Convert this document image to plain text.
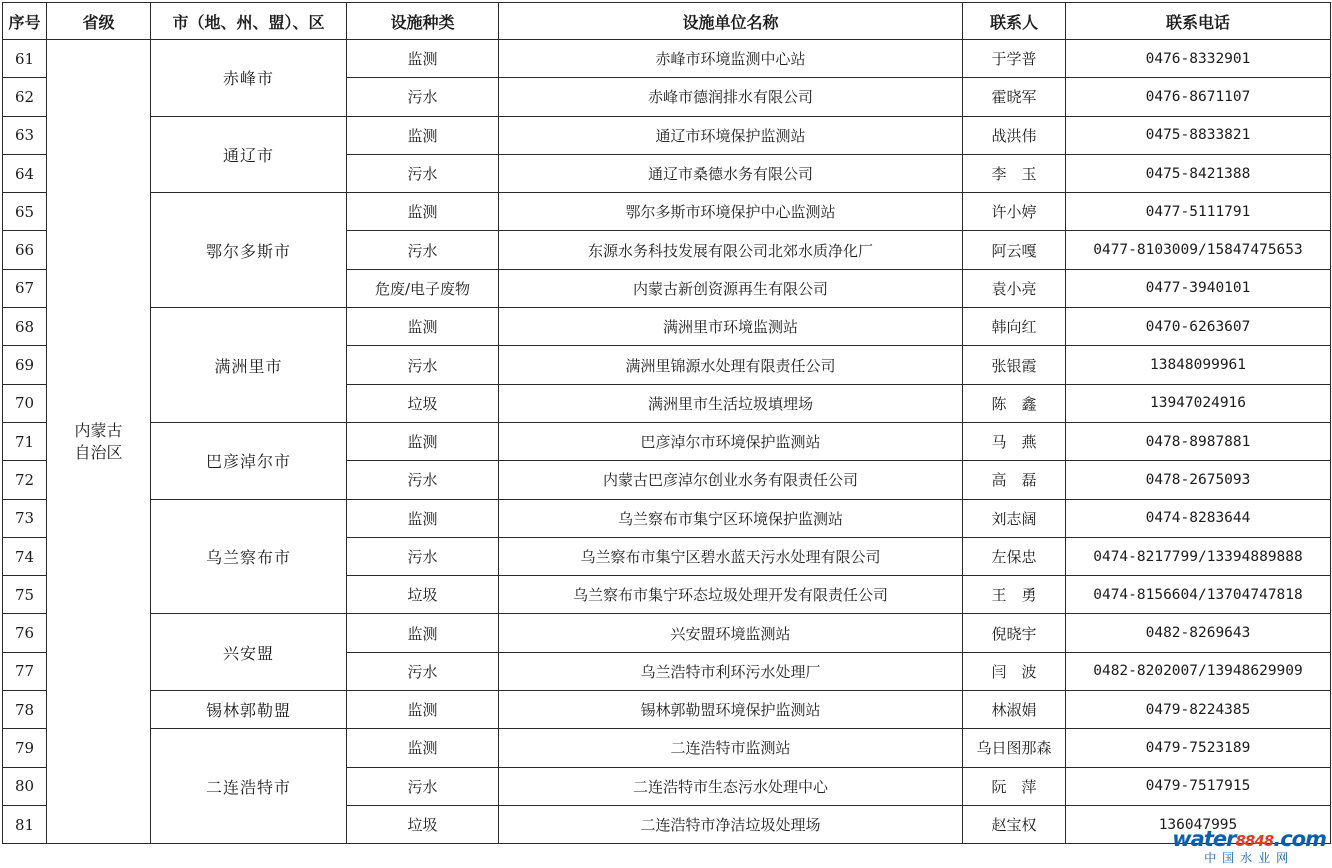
序号	省级	市（地、州、盟）、区	设施种类	设施单位名称	联系人	联系电话
61	内蒙古自治区	赤峰市	监测	赤峰市环境监测中心站	于学普	0476-8332901
62			污水	赤峰市德润排水有限公司	霍晓军	0476-8671107
63		通辽市	监测	通辽市环境保护监测站	战洪伟	0475-8833821
64			污水	通辽市桑德水务有限公司	李　玉	0475-8421388
65		鄂尔多斯市	监测	鄂尔多斯市环境保护中心监测站	许小婷	0477-5111791
66			污水	东源水务科技发展有限公司北郊水质净化厂	阿云嘎	0477-8103009/15847475653
67			危废/电子废物	内蒙古新创资源再生有限公司	袁小亮	0477-3940101
68		满洲里市	监测	满洲里市环境监测站	韩向红	0470-6263607
69			污水	满洲里锦源水处理有限责任公司	张银霞	13848099961
70			垃圾	满洲里市生活垃圾填埋场	陈　鑫	13947024916
71		巴彦淖尔市	监测	巴彦淖尔市环境保护监测站	马　燕	0478-8987881
72			污水	内蒙古巴彦淖尔创业水务有限责任公司	高　磊	0478-2675093
73		乌兰察布市	监测	乌兰察布市集宁区环境保护监测站	刘志阔	0474-8283644
74			污水	乌兰察布市集宁区碧水蓝天污水处理有限公司	左保忠	0474-8217799/13394889888
75			垃圾	乌兰察布市集宁环态垃圾处理开发有限责任公司	王　勇	0474-8156604/13704747818
76		兴安盟	监测	兴安盟环境监测站	倪晓宇	0482-8269643
77			污水	乌兰浩特市利环污水处理厂	闫　波	0482-8202007/13948629909
78		锡林郭勒盟	监测	锡林郭勒盟环境保护监测站	林淑娟	0479-8224385
79		二连浩特市	监测	二连浩特市监测站	乌日图那森	0479-7523189
80			污水	二连浩特市生态污水处理中心	阮　萍	0479-7517915
81			垃圾	二连浩特市净洁垃圾处理场	赵宝权	136047995
water8848.com
中国水业网
